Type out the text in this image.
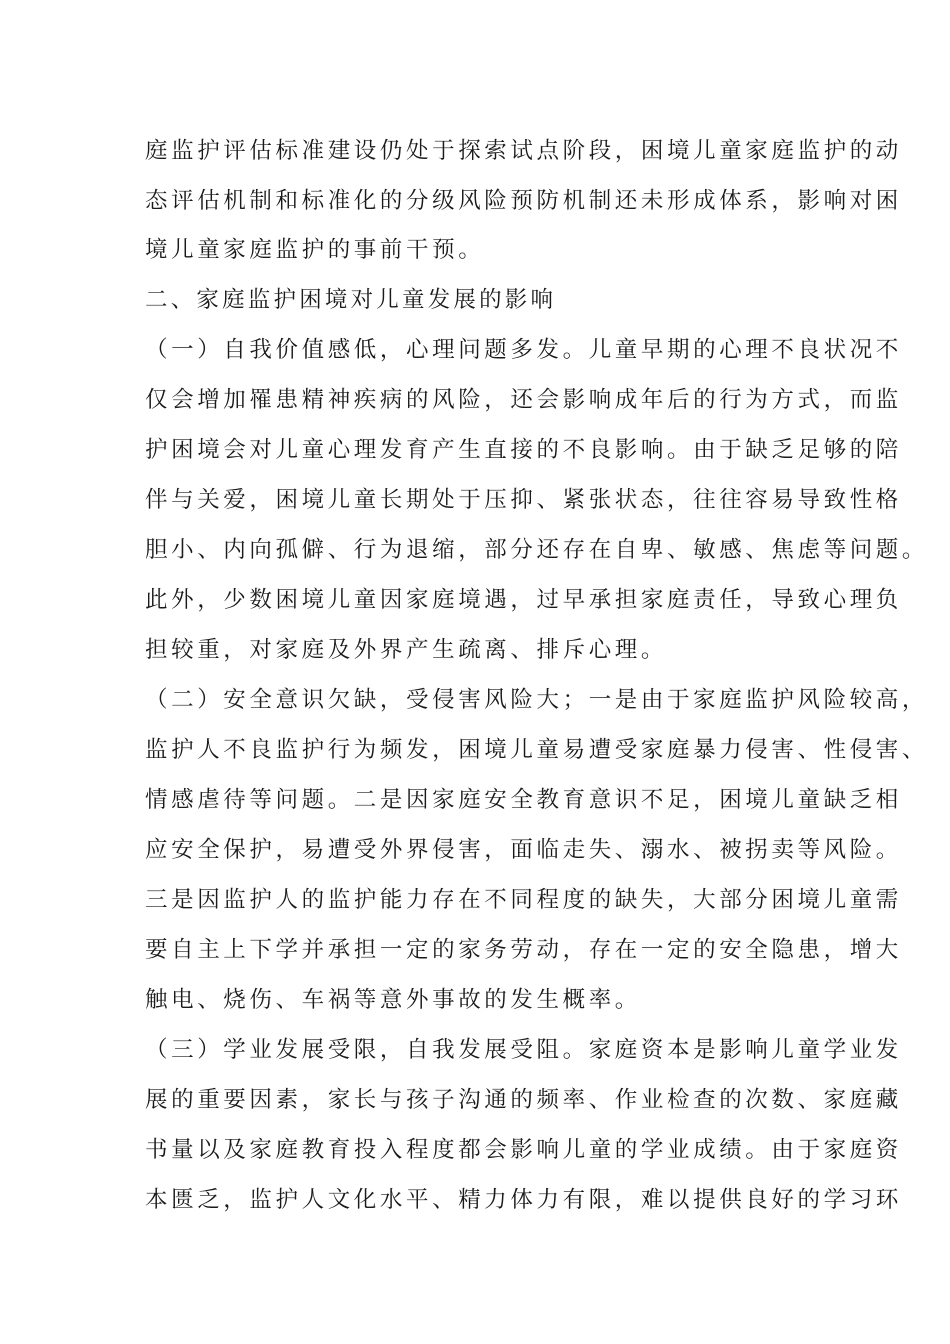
庭监护评估标准建设仍处于探索试点阶段，困境儿童家庭监护的动
态评估机制和标准化的分级风险预防机制还未形成体系，影响对困
境儿童家庭监护的事前干预。
二、家庭监护困境对儿童发展的影响
（一）自我价值感低，心理问题多发。儿童早期的心理不良状况不
仅会增加罹患精神疾病的风险，还会影响成年后的行为方式，而监
护困境会对儿童心理发育产生直接的不良影响。由于缺乏足够的陪
伴与关爱，困境儿童长期处于压抑、紧张状态，往往容易导致性格
胆小、内向孤僻、行为退缩，部分还存在自卑、敏感、焦虑等问题。
此外，少数困境儿童因家庭境遇，过早承担家庭责任，导致心理负
担较重，对家庭及外界产生疏离、排斥心理。
（二）安全意识欠缺，受侵害风险大；一是由于家庭监护风险较高，
监护人不良监护行为频发，困境儿童易遭受家庭暴力侵害、性侵害、
情感虐待等问题。二是因家庭安全教育意识不足，困境儿童缺乏相
应安全保护，易遭受外界侵害，面临走失、溺水、被拐卖等风险。
三是因监护人的监护能力存在不同程度的缺失，大部分困境儿童需
要自主上下学并承担一定的家务劳动，存在一定的安全隐患，增大
触电、烧伤、车祸等意外事故的发生概率。
（三）学业发展受限，自我发展受阻。家庭资本是影响儿童学业发
展的重要因素，家长与孩子沟通的频率、作业检查的次数、家庭藏
书量以及家庭教育投入程度都会影响儿童的学业成绩。由于家庭资
本匮乏，监护人文化水平、精力体力有限，难以提供良好的学习环
